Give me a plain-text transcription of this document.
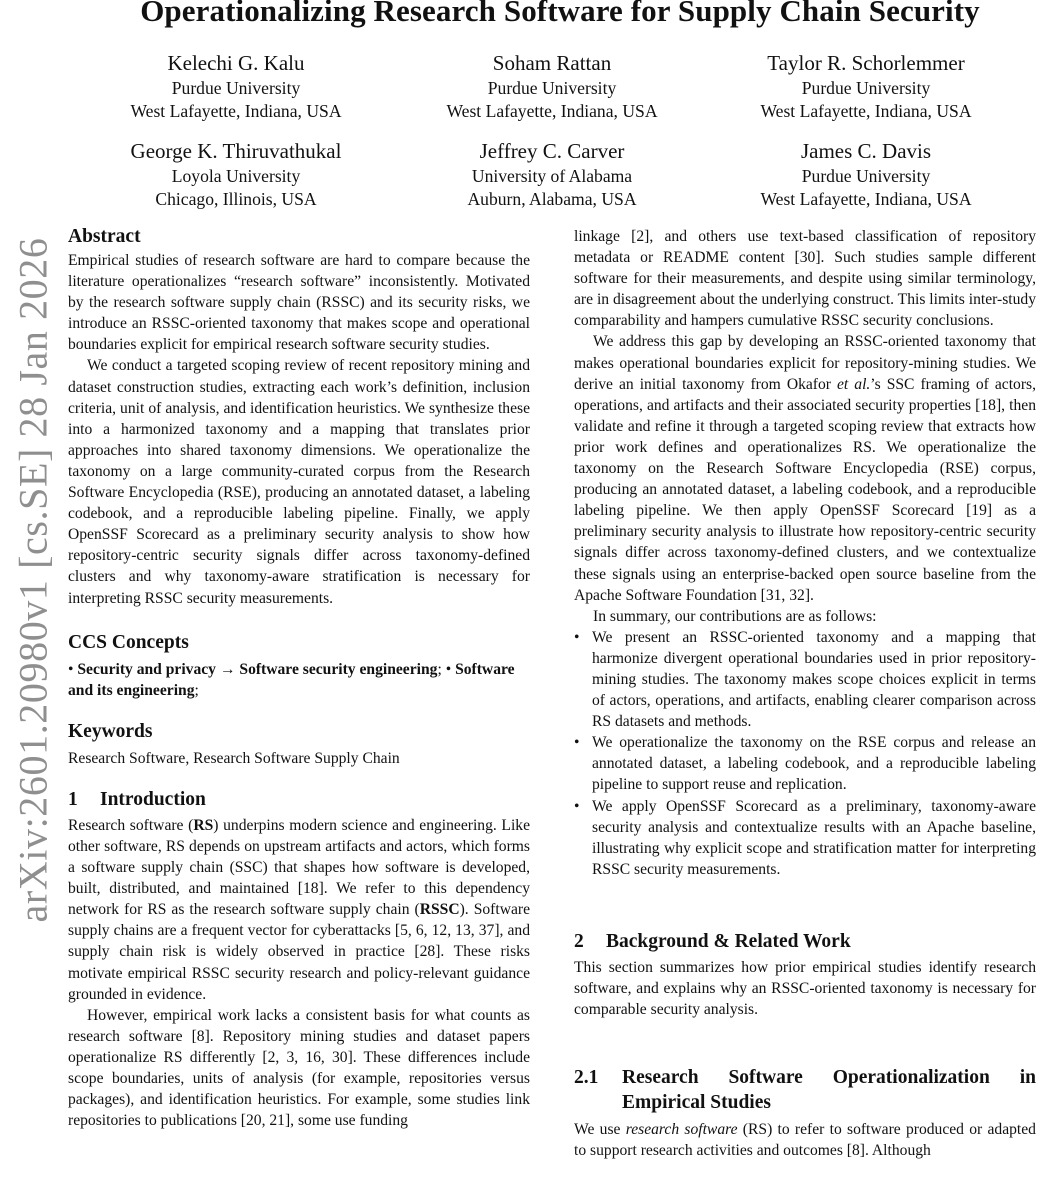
Operationalizing Research Software for Supply Chain Security
Kelechi G. Kalu
Purdue University
West Lafayette, Indiana, USA
Soham Rattan
Purdue University
West Lafayette, Indiana, USA
Taylor R. Schorlemmer
Purdue University
West Lafayette, Indiana, USA
George K. Thiruvathukal
Loyola University
Chicago, Illinois, USA
Jeffrey C. Carver
University of Alabama
Auburn, Alabama, USA
James C. Davis
Purdue University
West Lafayette, Indiana, USA
arXiv:2601.20980v1 [cs.SE] 28 Jan 2026
Abstract

Empirical studies of research software are hard to compare because the literature operationalizes “research software” inconsistently. Motivated by the research software supply chain (RSSC) and its security risks, we introduce an RSSC-oriented taxonomy that makes scope and operational boundaries explicit for empirical research software security studies.

We conduct a targeted scoping review of recent repository mining and dataset construction studies, extracting each work’s definition, inclusion criteria, unit of analysis, and identification heuristics. We synthesize these into a harmonized taxonomy and a mapping that translates prior approaches into shared taxonomy dimensions. We operationalize the taxonomy on a large community-curated corpus from the Research Software Encyclopedia (RSE), producing an annotated dataset, a labeling codebook, and a reproducible labeling pipeline. Finally, we apply OpenSSF Scorecard as a preliminary security analysis to show how repository-centric security signals differ across taxonomy-defined clusters and why taxonomy-aware stratification is necessary for interpreting RSSC security measurements.

CCS Concepts

• Security and privacy → Software security engineering; • Software and its engineering;

Keywords

Research Software, Research Software Supply Chain

1 Introduction

Research software (RS) underpins modern science and engineering. Like other software, RS depends on upstream artifacts and actors, which forms a software supply chain (SSC) that shapes how software is developed, built, distributed, and maintained [18]. We refer to this dependency network for RS as the research software supply chain (RSSC). Software supply chains are a frequent vector for cyberattacks [5, 6, 12, 13, 37], and supply chain risk is widely observed in practice [28]. These risks motivate empirical RSSC security research and policy-relevant guidance grounded in evidence.

However, empirical work lacks a consistent basis for what counts as research software [8]. Repository mining studies and dataset papers operationalize RS differently [2, 3, 16, 30]. These differences include scope boundaries, units of analysis (for example, repositories versus packages), and identification heuristics. For example, some studies link repositories to publications [20, 21], some use funding

linkage [2], and others use text-based classification of repository metadata or README content [30]. Such studies sample different software for their measurements, and despite using similar terminology, are in disagreement about the underlying construct. This limits inter-study comparability and hampers cumulative RSSC security conclusions.

We address this gap by developing an RSSC-oriented taxonomy that makes operational boundaries explicit for repository-mining studies. We derive an initial taxonomy from Okafor et al.’s SSC framing of actors, operations, and artifacts and their associated security properties [18], then validate and refine it through a targeted scoping review that extracts how prior work defines and operationalizes RS. We operationalize the taxonomy on the Research Software Encyclopedia (RSE) corpus, producing an annotated dataset, a labeling codebook, and a reproducible labeling pipeline. We then apply OpenSSF Scorecard [19] as a preliminary security analysis to illustrate how repository-centric security signals differ across taxonomy-defined clusters, and we contextualize these signals using an enterprise-backed open source baseline from the Apache Software Foundation [31, 32].

In summary, our contributions are as follows:

• We present an RSSC-oriented taxonomy and a mapping that harmonize divergent operational boundaries used in prior repository-mining studies. The taxonomy makes scope choices explicit in terms of actors, operations, and artifacts, enabling clearer comparison across RS datasets and methods.
• We operationalize the taxonomy on the RSE corpus and release an annotated dataset, a labeling codebook, and a reproducible labeling pipeline to support reuse and replication.
• We apply OpenSSF Scorecard as a preliminary, taxonomy-aware security analysis and contextualize results with an Apache baseline, illustrating why explicit scope and stratification matter for interpreting RSSC security measurements.
2 Background & Related Work

This section summarizes how prior empirical studies identify research software, and explains why an RSSC-oriented taxonomy is necessary for comparable security analysis.

2.1	Research Software Operationalization in Empirical Studies

We use research software (RS) to refer to software produced or adapted to support research activities and outcomes [8]. Although
